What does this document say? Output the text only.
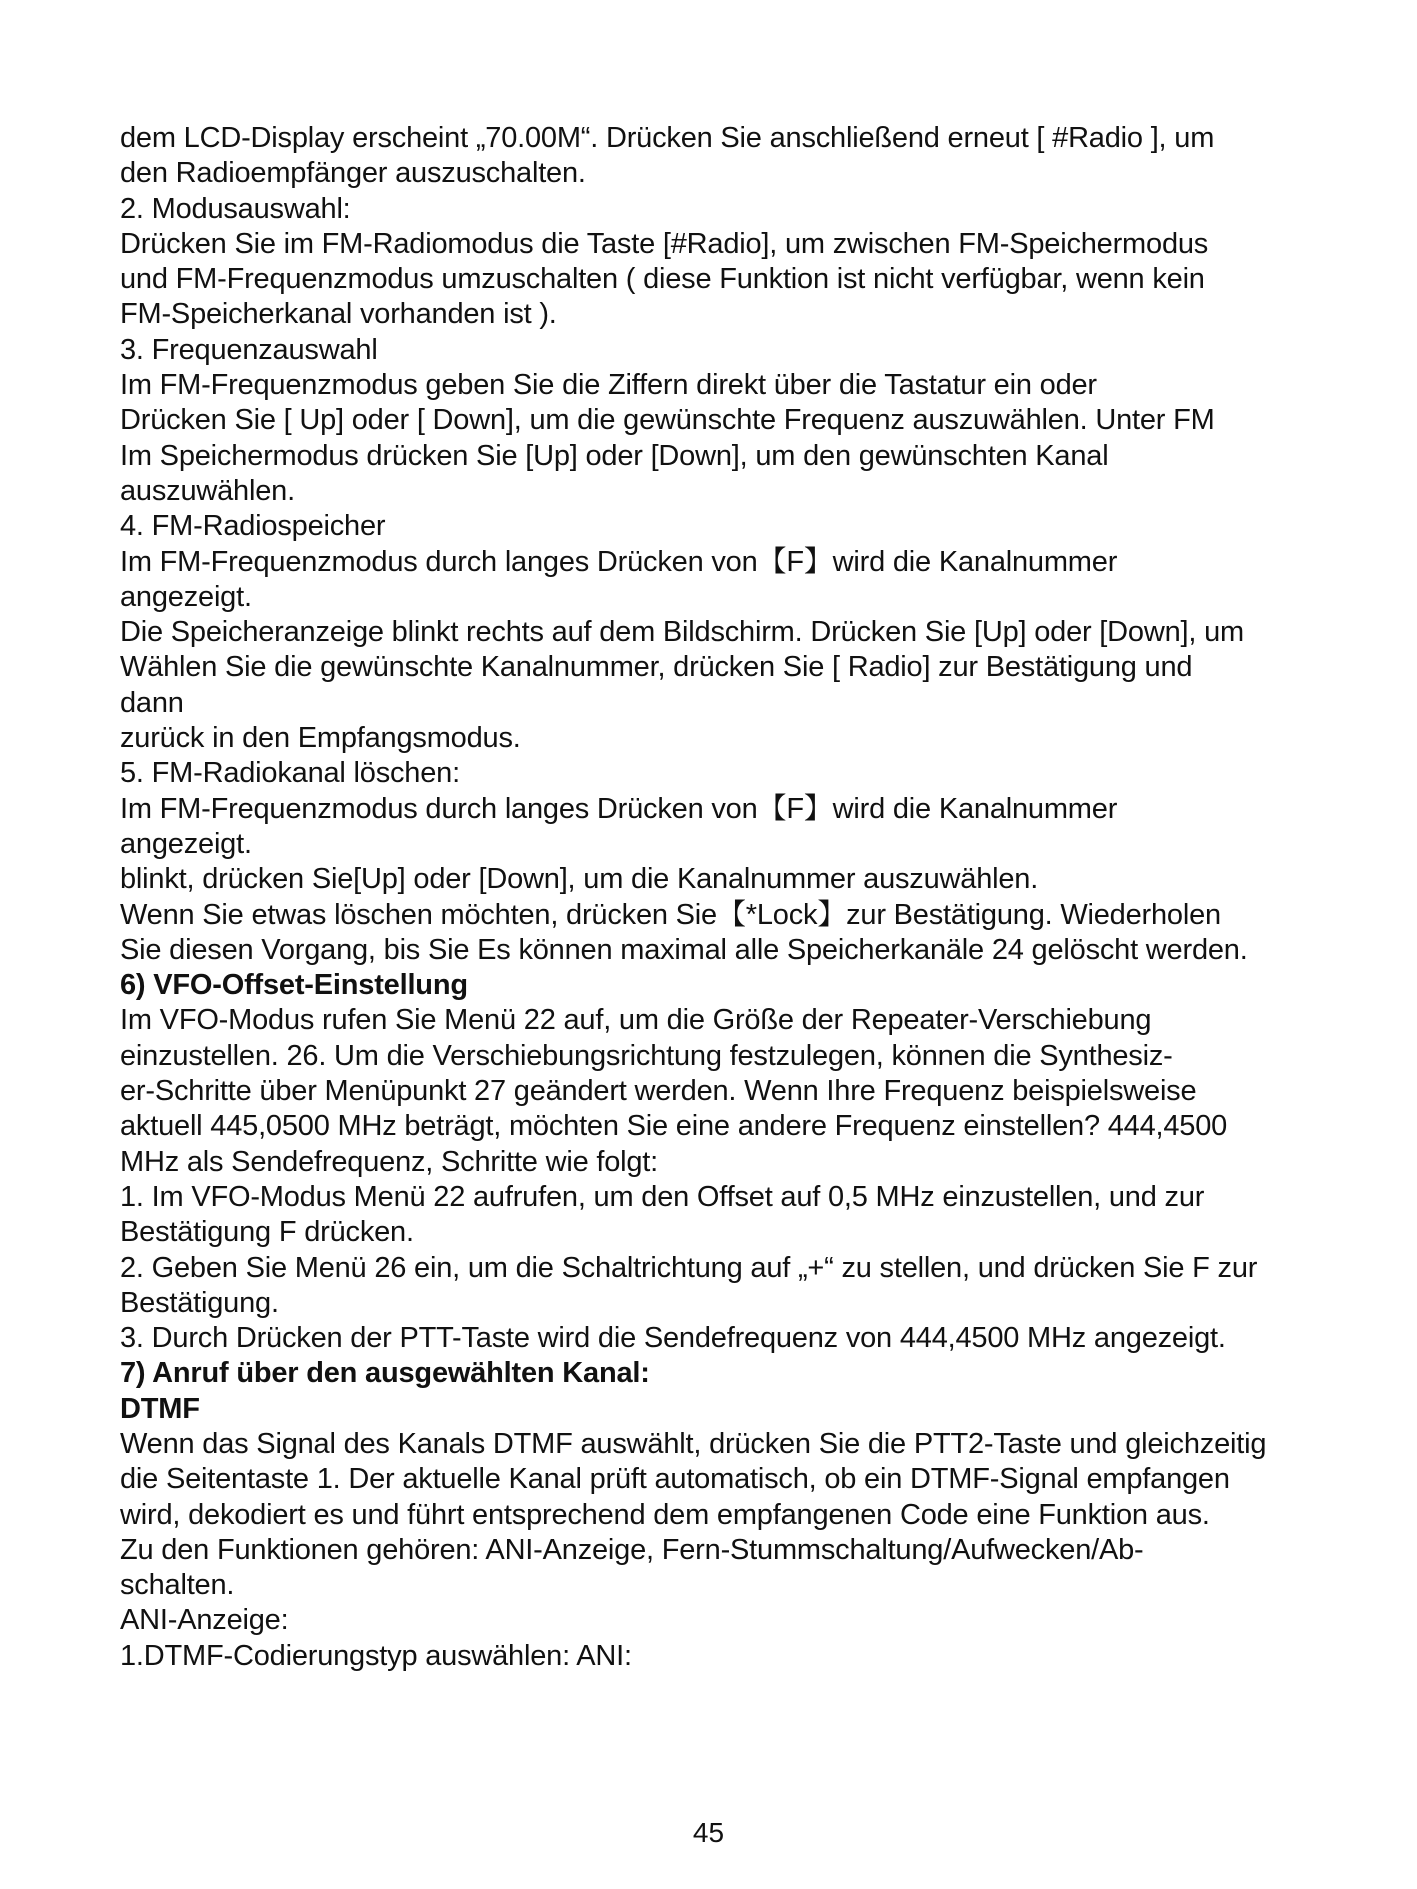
dem LCD-Display erscheint „70.00M“. Drücken Sie anschließend erneut [ #Radio ], um
den Radioempfänger auszuschalten.
2. Modusauswahl:
Drücken Sie im FM-Radiomodus die Taste [#Radio], um zwischen FM-Speichermodus
und FM-Frequenzmodus umzuschalten ( diese Funktion ist nicht verfügbar, wenn kein
FM-Speicherkanal vorhanden ist ).
3. Frequenzauswahl
Im FM-Frequenzmodus geben Sie die Ziffern direkt über die Tastatur ein oder
Drücken Sie [ Up] oder [ Down], um die gewünschte Frequenz auszuwählen. Unter FM
Im Speichermodus drücken Sie [Up] oder [Down], um den gewünschten Kanal
auszuwählen.
4. FM-Radiospeicher
Im FM-Frequenzmodus durch langes Drücken von【F】wird die Kanalnummer
angezeigt.
Die Speicheranzeige blinkt rechts auf dem Bildschirm. Drücken Sie [Up] oder [Down], um
Wählen Sie die gewünschte Kanalnummer, drücken Sie [ Radio] zur Bestätigung und
dann
zurück in den Empfangsmodus.
5. FM-Radiokanal löschen:
Im FM-Frequenzmodus durch langes Drücken von【F】wird die Kanalnummer
angezeigt.
blinkt, drücken Sie[Up] oder [Down], um die Kanalnummer auszuwählen.
Wenn Sie etwas löschen möchten, drücken Sie【*Lock】zur Bestätigung. Wiederholen
Sie diesen Vorgang, bis Sie Es können maximal alle Speicherkanäle 24 gelöscht werden.
6) VFO-Offset-Einstellung
Im VFO-Modus rufen Sie Menü 22 auf, um die Größe der Repeater-Verschiebung
einzustellen. 26. Um die Verschiebungsrichtung festzulegen, können die Synthesiz-
er-Schritte über Menüpunkt 27 geändert werden. Wenn Ihre Frequenz beispielsweise
aktuell 445,0500 MHz beträgt, möchten Sie eine andere Frequenz einstellen? 444,4500
MHz als Sendefrequenz, Schritte wie folgt:
1. Im VFO-Modus Menü 22 aufrufen, um den Offset auf 0,5 MHz einzustellen, und zur
Bestätigung F drücken.
2. Geben Sie Menü 26 ein, um die Schaltrichtung auf „+“ zu stellen, und drücken Sie F zur
Bestätigung.
3. Durch Drücken der PTT-Taste wird die Sendefrequenz von 444,4500 MHz angezeigt.
7) Anruf über den ausgewählten Kanal:
DTMF
Wenn das Signal des Kanals DTMF auswählt, drücken Sie die PTT2-Taste und gleichzeitig
die Seitentaste 1. Der aktuelle Kanal prüft automatisch, ob ein DTMF-Signal empfangen
wird, dekodiert es und führt entsprechend dem empfangenen Code eine Funktion aus.
Zu den Funktionen gehören: ANI-Anzeige, Fern-Stummschaltung/Aufwecken/Ab-
schalten.
ANI-Anzeige:
1.DTMF-Codierungstyp auswählen: ANI:
45
